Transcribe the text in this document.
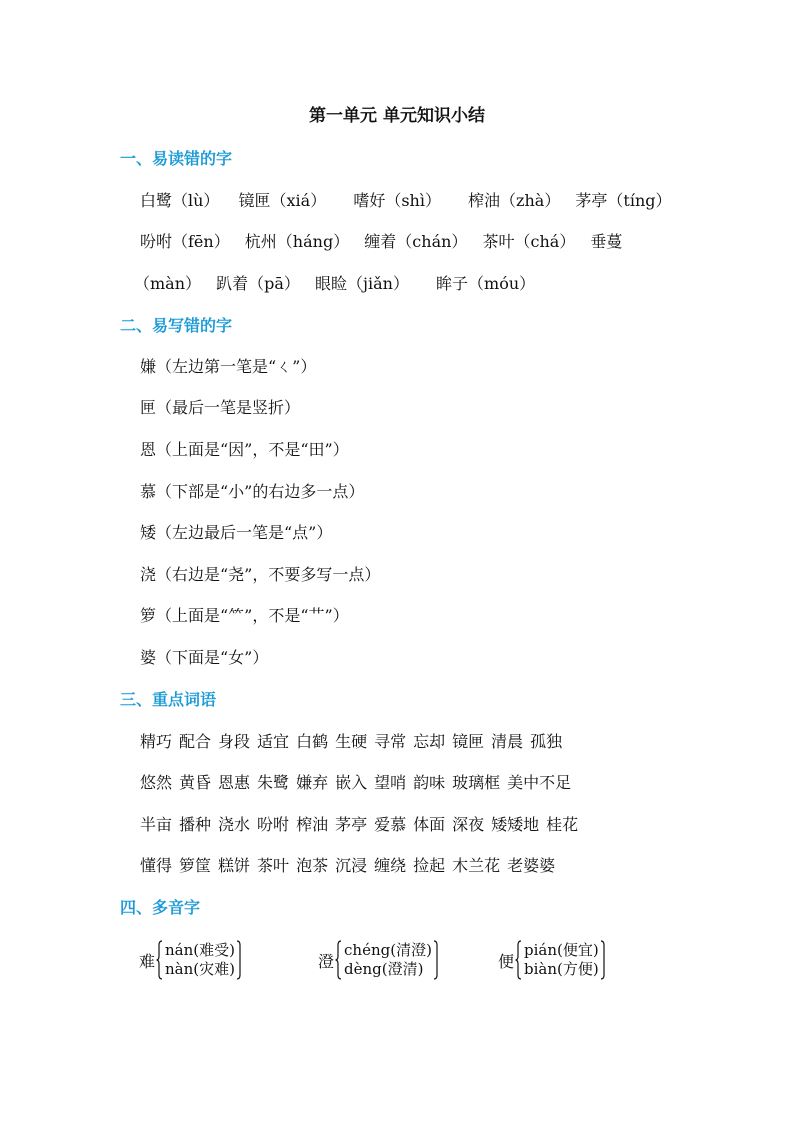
第一单元 单元知识小结
一、易读错的字
白鹭（lù） 镜匣（xiá） 嗜好（shì） 榨油（zhà） 茅亭（tíng）
吩咐（fēn） 杭州（háng） 缠着（chán） 茶叶（chá） 垂蔓
（màn） 趴着（pā） 眼睑（jiǎn） 眸子（móu）
二、易写错的字
嫌（左边第一笔是“ㄑ”）
匣（最后一笔是竖折）
恩（上面是“因”，不是“田”）
慕（下部是“小”的右边多一点）
矮（左边最后一笔是“点”）
浇（右边是“尧”，不要多写一点）
箩（上面是“⺮”，不是“艹”）
婆（下面是“女”）
三、重点词语
精巧 配合 身段 适宜 白鹤 生硬 寻常 忘却 镜匣 清晨 孤独
悠然 黄昏 恩惠 朱鹭 嫌弃 嵌入 望哨 韵味 玻璃框 美中不足
半亩 播种 浇水 吩咐 榨油 茅亭 爱慕 体面 深夜 矮矮地 桂花
懂得 箩筐 糕饼 茶叶 泡茶 沉浸 缠绕 捡起 木兰花 老婆婆
四、多音字
难
nán(难受)
nàn(灾难)	澄
chéng(清澄)
dèng(澄清)	便
pián(便宜)
biàn(方便)
